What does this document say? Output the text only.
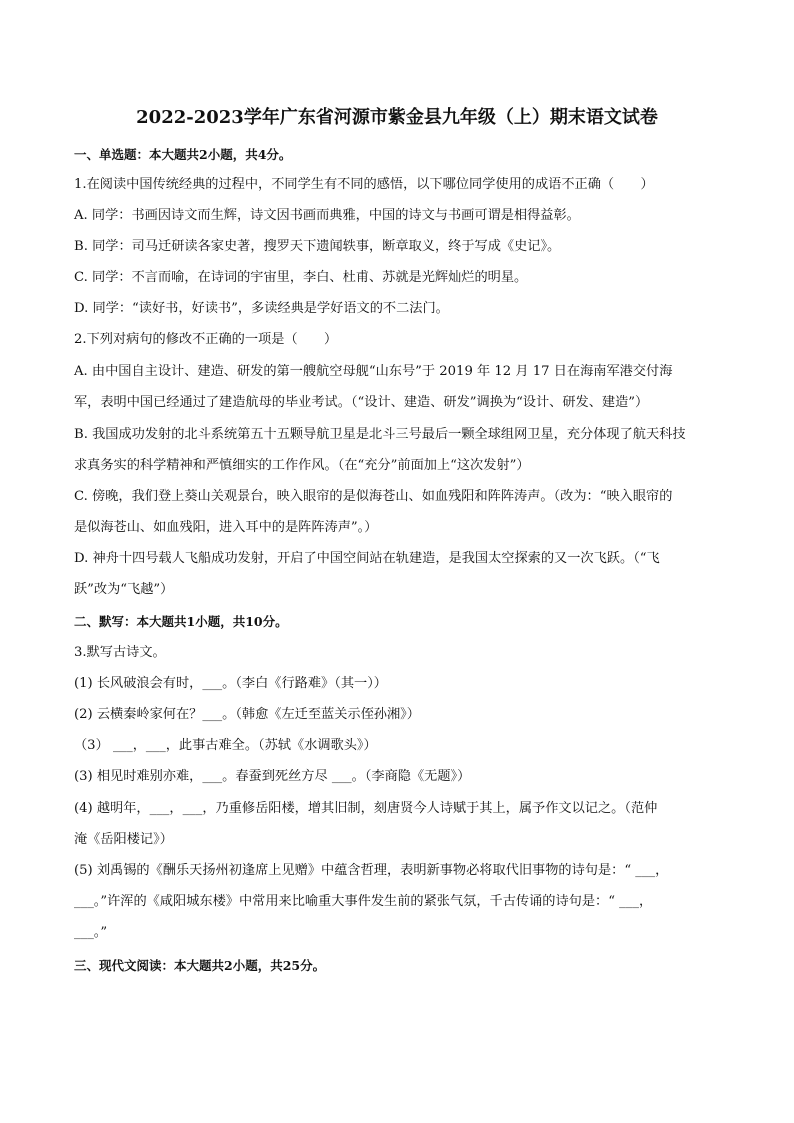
2022-2023学年广东省河源市紫金县九年级（上）期末语文试卷
一、单选题：本大题共2小题，共4分。
1.在阅读中国传统经典的过程中，不同学生有不同的感悟，以下哪位同学使用的成语不正确（　　）
A. 同学：书画因诗文而生辉，诗文因书画而典雅，中国的诗文与书画可谓是相得益彰。
B. 同学：司马迁研读各家史著，搜罗天下遗闻轶事，断章取义，终于写成《史记》。
C. 同学：不言而喻，在诗词的宇宙里，李白、杜甫、苏就是光辉灿烂的明星。
D. 同学：“读好书，好读书”，多读经典是学好语文的不二法门。
2.下列对病句的修改不正确的一项是（　　）
A. 由中国自主设计、建造、研发的第一艘航空母舰“山东号”于 2019 年 12 月 17 日在海南军港交付海
军，表明中国已经通过了建造航母的毕业考试。（“设计、建造、研发”调换为“设计、研发、建造”）
B. 我国成功发射的北斗系统第五十五颗导航卫星是北斗三号最后一颗全球组网卫星，充分体现了航天科技
求真务实的科学精神和严慎细实的工作作风。（在“充分”前面加上“这次发射”）
C. 傍晚，我们登上葵山关观景台，映入眼帘的是似海苍山、如血残阳和阵阵涛声。（改为：“映入眼帘的
是似海苍山、如血残阳，进入耳中的是阵阵涛声”。）
D. 神舟十四号载人飞船成功发射，开启了中国空间站在轨建造，是我国太空探索的又一次飞跃。（“飞
跃”改为“飞越”）
二、默写：本大题共1小题，共10分。
3.默写古诗文。
(1) 长风破浪会有时，___。（李白《行路难》（其一））
(2) 云横秦岭家何在？___。（韩愈《左迁至蓝关示侄孙湘》）
（3） ___，___，此事古难全。（苏轼《水调歌头》）
(3) 相见时难别亦难，___。春蚕到死丝方尽 ___。（李商隐《无题》）
(4) 越明年，___，___，乃重修岳阳楼，增其旧制，刻唐贤今人诗赋于其上，属予作文以记之。（范仲
淹《岳阳楼记》）
(5) 刘禹锡的《酬乐天扬州初逢席上见赠》中蕴含哲理，表明新事物必将取代旧事物的诗句是：“ ___，
___。”许浑的《咸阳城东楼》中常用来比喻重大事件发生前的紧张气氛，千古传诵的诗句是：“ ___，
___。”
三、现代文阅读：本大题共2小题，共25分。
